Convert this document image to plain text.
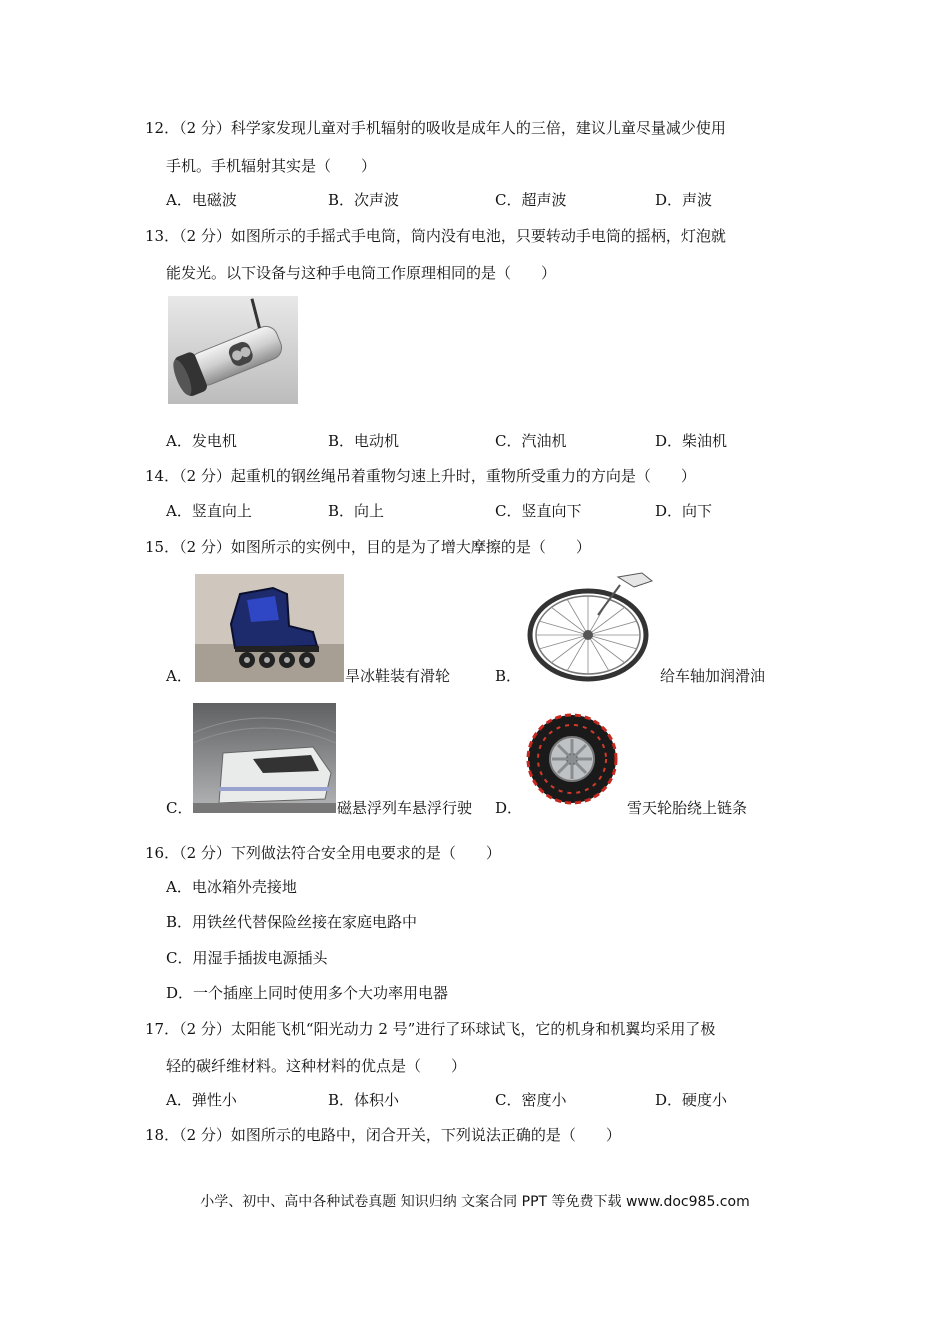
12．（2 分）科学家发现儿童对手机辐射的吸收是成年人的三倍，建议儿童尽量减少使用
手机。手机辐射其实是（　　）
A．电磁波	B．次声波	C．超声波	D．声波
13．（2 分）如图所示的手摇式手电筒，筒内没有电池，只要转动手电筒的摇柄，灯泡就
能发光。以下设备与这种手电筒工作原理相同的是（　　）
A．发电机	B．电动机	C．汽油机	D．柴油机
14．（2 分）起重机的钢丝绳吊着重物匀速上升时，重物所受重力的方向是（　　）
A．竖直向上	B．向上	C．竖直向下	D．向下
15．（2 分）如图所示的实例中，目的是为了增大摩擦的是（　　）
A．	旱冰鞋装有滑轮	B．	给车轴加润滑油
C．	磁悬浮列车悬浮行驶 D．	雪天轮胎绕上链条
16．（2 分）下列做法符合安全用电要求的是（　　）
A．电冰箱外壳接地
B．用铁丝代替保险丝接在家庭电路中
C．用湿手插拔电源插头
D．一个插座上同时使用多个大功率用电器
17．（2 分）太阳能飞机“阳光动力 2 号”进行了环球试飞，它的机身和机翼均采用了极
轻的碳纤维材料。这种材料的优点是（　　）
A．弹性小	B．体积小	C．密度小	D．硬度小
18．（2 分）如图所示的电路中，闭合开关，下列说法正确的是（　　）
小学、初中、高中各种试卷真题 知识归纳 文案合同 PPT 等免费下载 www.doc985.com
